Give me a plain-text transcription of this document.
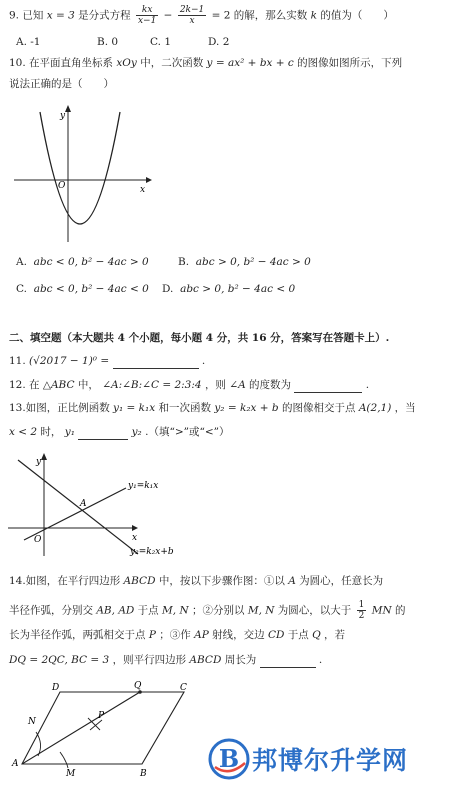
9. 已知 x = 3 是分式方程 $\frac{kx}{x-1} - \frac{2k-1}{x} = 2$ 的解，那么实数 k 的值为（　　）
A. -1	B. 0	C. 1	D. 2
10. 在平面直角坐标系 xOy 中，二次函数 y = ax² + bx + c 的图像如图所示，下列
说法正确的是（　　）
y
x
O
A. abc < 0, b² − 4ac > 0	B. abc > 0, b² − 4ac > 0
C. abc < 0, b² − 4ac < 0 D. abc > 0, b² − 4ac < 0
二、填空题（本大题共 4 个小题，每小题 4 分，共 16 分，答案写在答题卡上）.
11. (√2017 − 1)⁰ =	.
12. 在 △ABC 中， ∠A:∠B:∠C = 2:3:4 ，则 ∠A 的度数为	.
13.如图，正比例函数 y₁ = k₁x 和一次函数 y₂ = k₂x + b 的图像相交于点 A(2,1) ，当
x < 2 时， y₁	y₂ .（填“>”或“<”）
y
x
O
A
y₁=k₁x
y₂=k₂x+b
14.如图，在平行四边形 ABCD 中，按以下步骤作图：①以 A 为圆心，任意长为
半径作弧，分别交 AB, AD 于点 M, N ；②分别以 M, N 为圆心，以大于 $\frac{1}{2}$ MN 的
长为半径作弧，两弧相交于点 P ；③作 AP 射线，交边 CD 于点 Q ，若
DQ = 2QC, BC = 3 ，则平行四边形 ABCD 周长为	.
D	Q	C
N
P
A
M	B
B 邦博尔升学网
